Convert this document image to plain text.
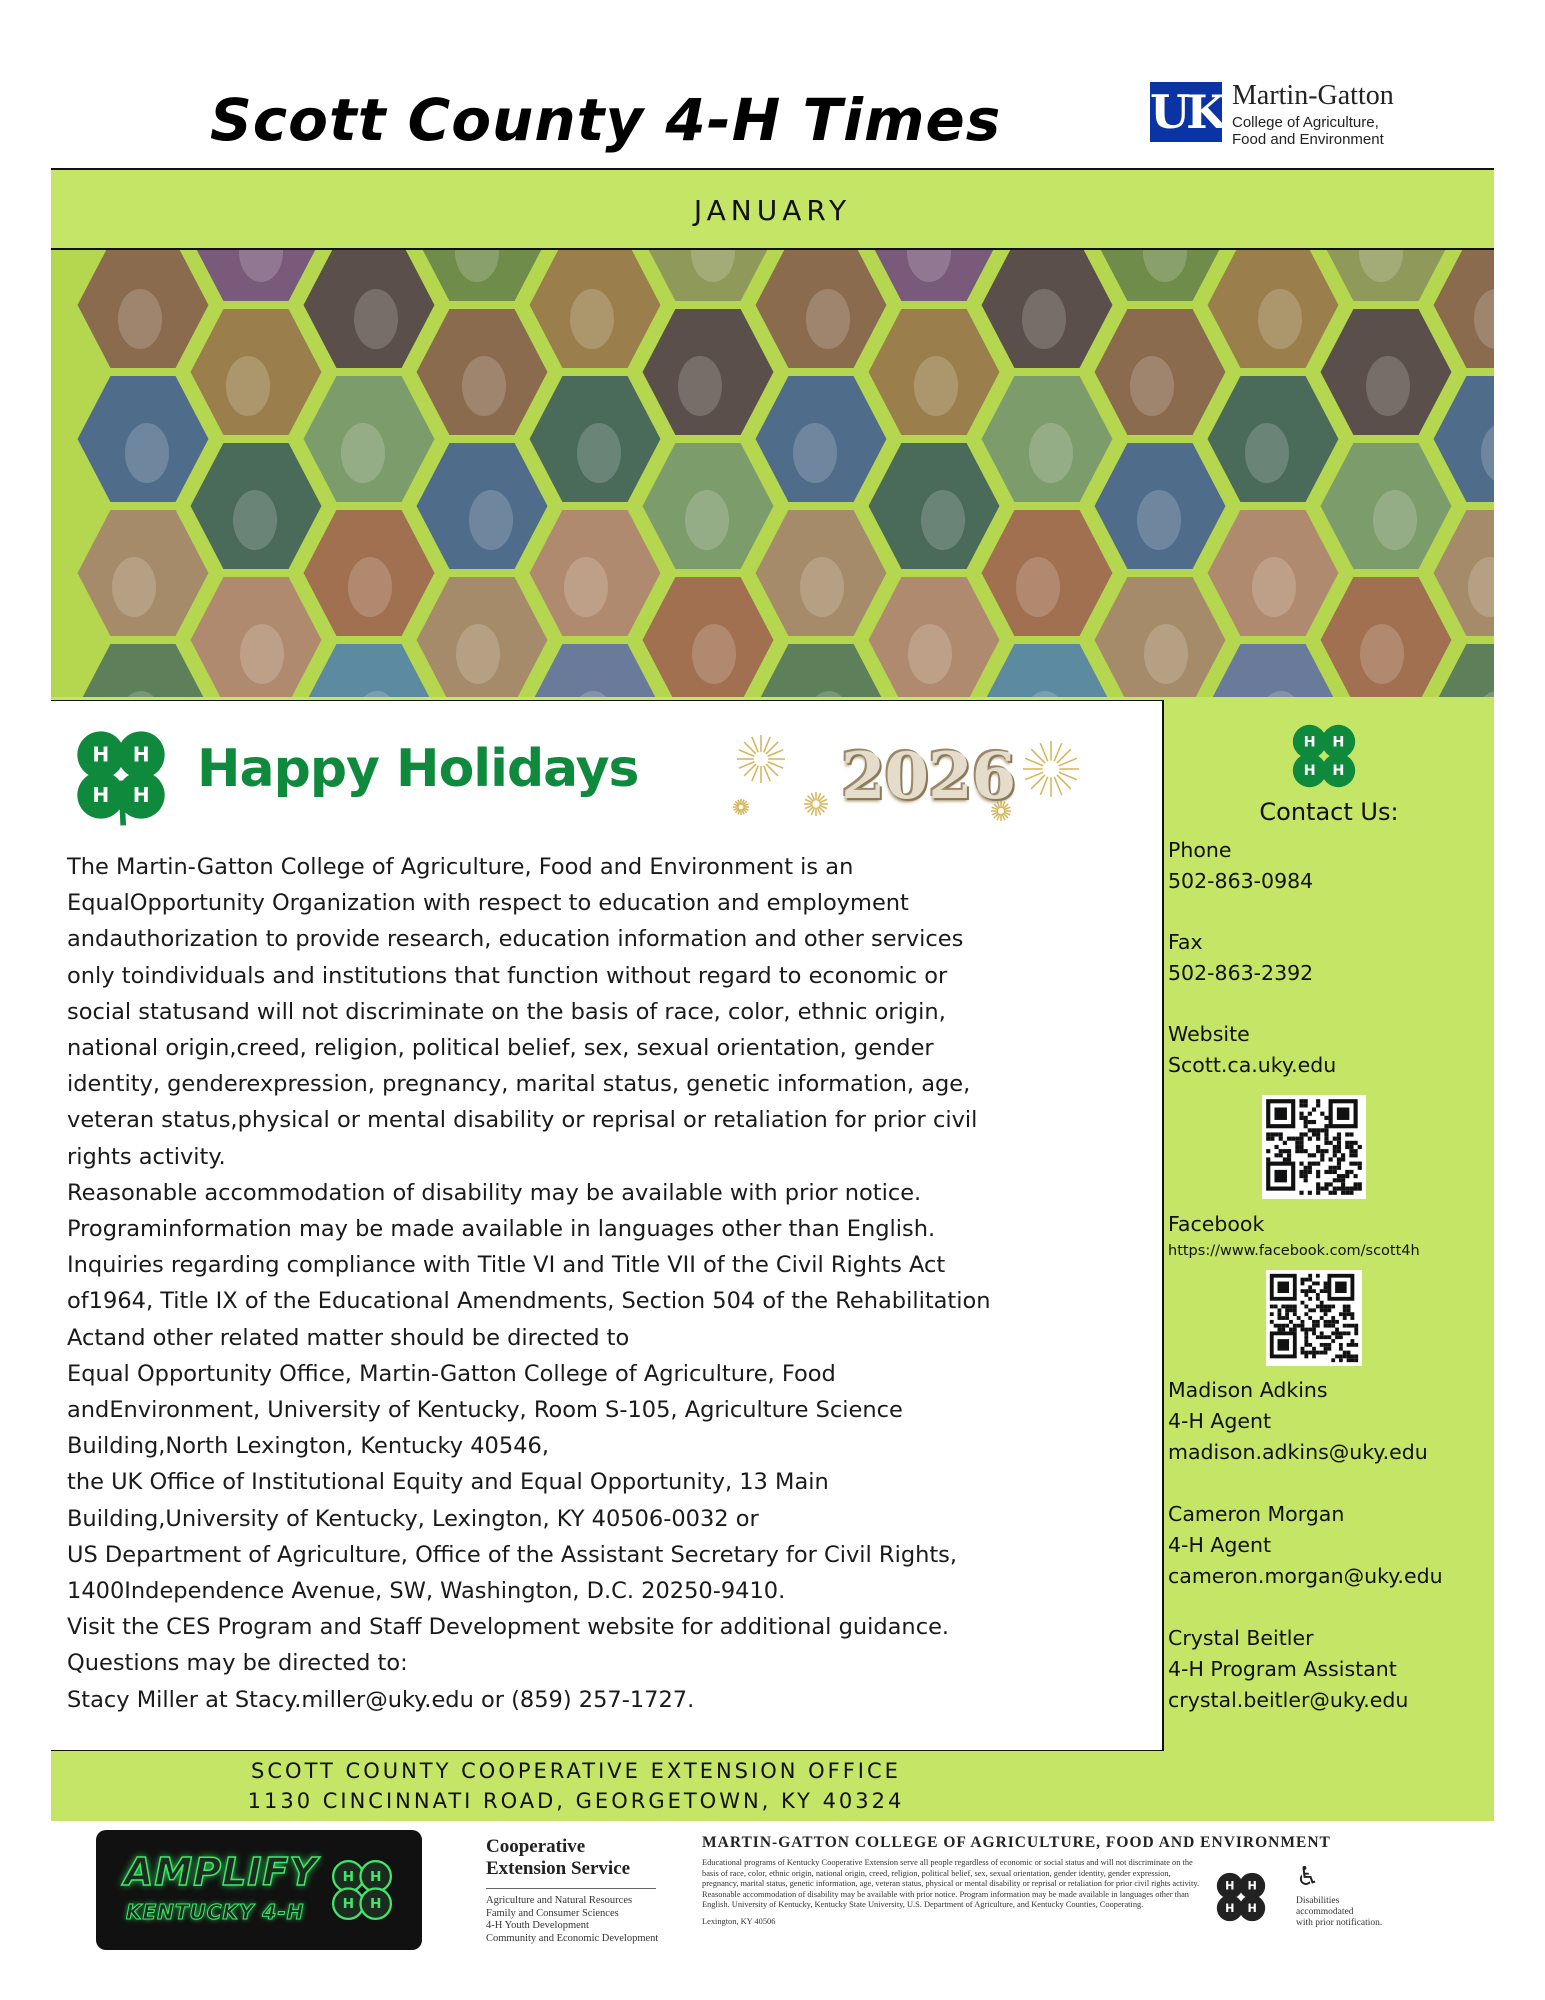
Scott County 4-H Times	UK Martin-Gatton
College of Agriculture,
Food and Environment
JANUARY
H H
H H Happy Holidays	2026

The Martin-Gatton College of Agriculture, Food and Environment is an

EqualOpportunity Organization with respect to education and employment

andauthorization to provide research, education information and other services

only toindividuals and institutions that function without regard to economic or

social statusand will not discriminate on the basis of race, color, ethnic origin,

national origin,creed, religion, political belief, sex, sexual orientation, gender

identity, genderexpression, pregnancy, marital status, genetic information, age,

veteran status,physical or mental disability or reprisal or retaliation for prior civil

rights activity.

Reasonable accommodation of disability may be available with prior notice.

Programinformation may be made available in languages other than English.

Inquiries regarding compliance with Title VI and Title VII of the Civil Rights Act

of1964, Title IX of the Educational Amendments, Section 504 of the Rehabilitation

Actand other related matter should be directed to

Equal Opportunity Office, Martin-Gatton College of Agriculture, Food

andEnvironment, University of Kentucky, Room S-105, Agriculture Science

Building,North Lexington, Kentucky 40546,

the UK Office of Institutional Equity and Equal Opportunity, 13 Main

Building,University of Kentucky, Lexington, KY 40506-0032 or

US Department of Agriculture, Office of the Assistant Secretary for Civil Rights,

1400Independence Avenue, SW, Washington, D.C. 20250-9410.

Visit the CES Program and Staff Development website for additional guidance.

Questions may be directed to:

Stacy Miller at Stacy.miller@uky.edu or (859) 257-1727.

H H
H H
Contact Us:
Phone
502-863-0984
Fax
502-863-2392
Website
Scott.ca.uky.edu
Facebook
https://www.facebook.com/scott4h
Madison Adkins
4-H Agent
madison.adkins@uky.edu
Cameron Morgan
4-H Agent
cameron.morgan@uky.edu
Crystal Beitler
4-H Program Assistant
crystal.beitler@uky.edu
SCOTT COUNTY COOPERATIVE EXTENSION OFFICE
1130 CINCINNATI ROAD, GEORGETOWN, KY 40324
AMPLIFY
KENTUCKY 4-H
H H
H H
Cooperative
Extension Service
Agriculture and Natural Resources
Family and Consumer Sciences
4-H Youth Development
Community and Economic Development
MARTIN-GATTON COLLEGE OF AGRICULTURE, FOOD AND ENVIRONMENT
Educational programs of Kentucky Cooperative Extension serve all people regardless of economic or social status and will not discriminate on the basis of race, color, ethnic origin, national origin, creed, religion, political belief, sex, sexual orientation, gender identity, gender expression, pregnancy, marital status, genetic information, age, veteran status, physical or mental disability or reprisal or retaliation for prior civil rights activity. Reasonable accommodation of disability may be available with prior notice. Program information may be made available in languages other than English. University of Kentucky, Kentucky State University, U.S. Department of Agriculture, and Kentucky Counties, Cooperating.
Lexington, KY 40506
H H
H H
♿
Disabilities
accommodated
with prior notification.
